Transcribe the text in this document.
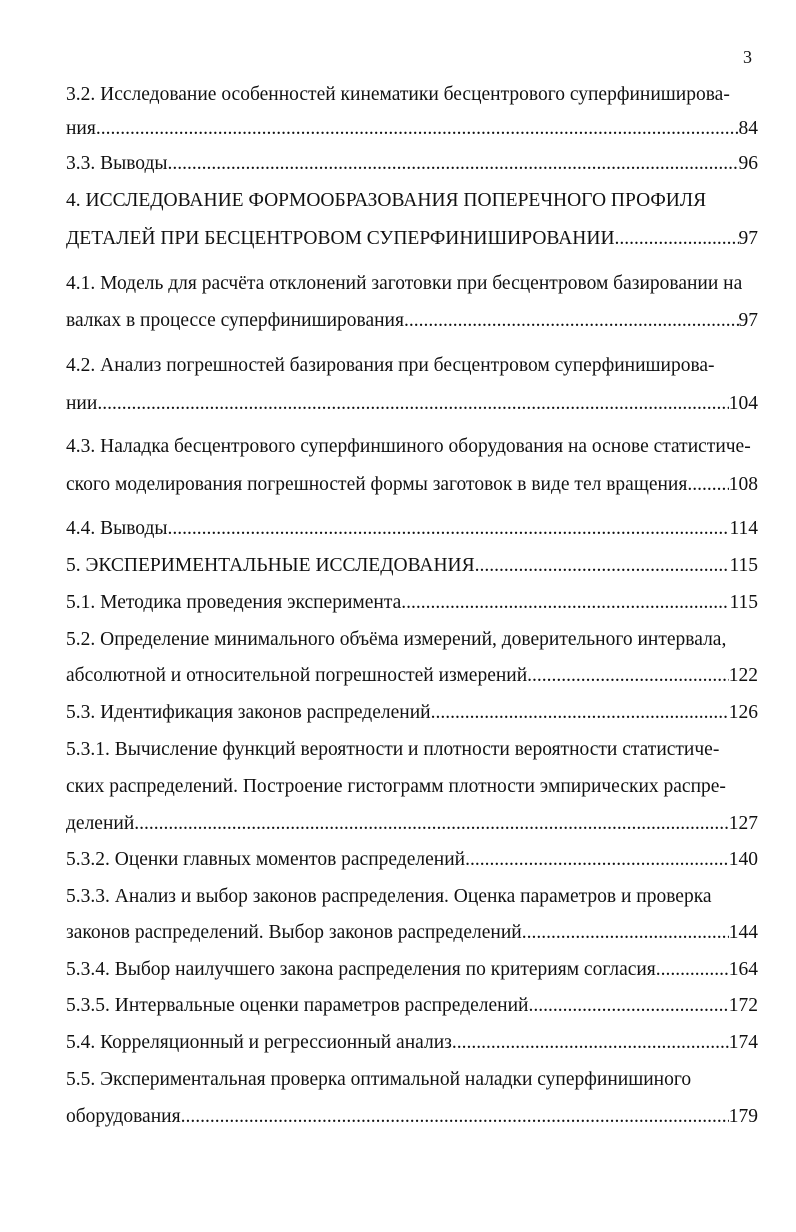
3
3.2. Исследование особенностей кинематики бесцентрового суперфиниширова-
ния .....	84
3.3. Выводы .....	96
4. ИССЛЕДОВАНИЕ ФОРМООБРАЗОВАНИЯ ПОПЕРЕЧНОГО ПРОФИЛЯ
ДЕТАЛЕЙ ПРИ БЕСЦЕНТРОВОМ СУПЕРФИНИШИРОВАНИИ .....	97
4.1. Модель для расчёта отклонений заготовки при бесцентровом базировании на
валках в процессе суперфиниширования .....	97
4.2. Анализ погрешностей базирования при бесцентровом суперфиниширова-
нии .....	104
4.3. Наладка бесцентрового суперфиншиного оборудования на основе статистиче-
ского моделирования погрешностей формы заготовок в виде тел вращения ..... 108
4.4. Выводы .....	114
5. ЭКСПЕРИМЕНТАЛЬНЫЕ ИССЛЕДОВАНИЯ .....	115
5.1. Методика проведения эксперимента .....	115
5.2. Определение минимального объёма измерений, доверительного интервала,
абсолютной и относительной погрешностей измерений .....	122
5.3. Идентификация законов распределений .....	126
5.3.1. Вычисление функций вероятности и плотности вероятности статистиче-
ских распределений. Построение гистограмм плотности эмпирических распре-
делений .....	127
5.3.2. Оценки главных моментов распределений .....	140
5.3.3. Анализ и выбор законов распределения. Оценка параметров и проверка
законов распределений. Выбор законов распределений .....	144
5.3.4. Выбор наилучшего закона распределения по критериям согласия .....	164
5.3.5. Интервальные оценки параметров распределений .....	172
5.4. Корреляционный и регрессионный анализ .....	174
5.5. Экспериментальная проверка оптимальной наладки суперфинишиного
оборудования .....	179
